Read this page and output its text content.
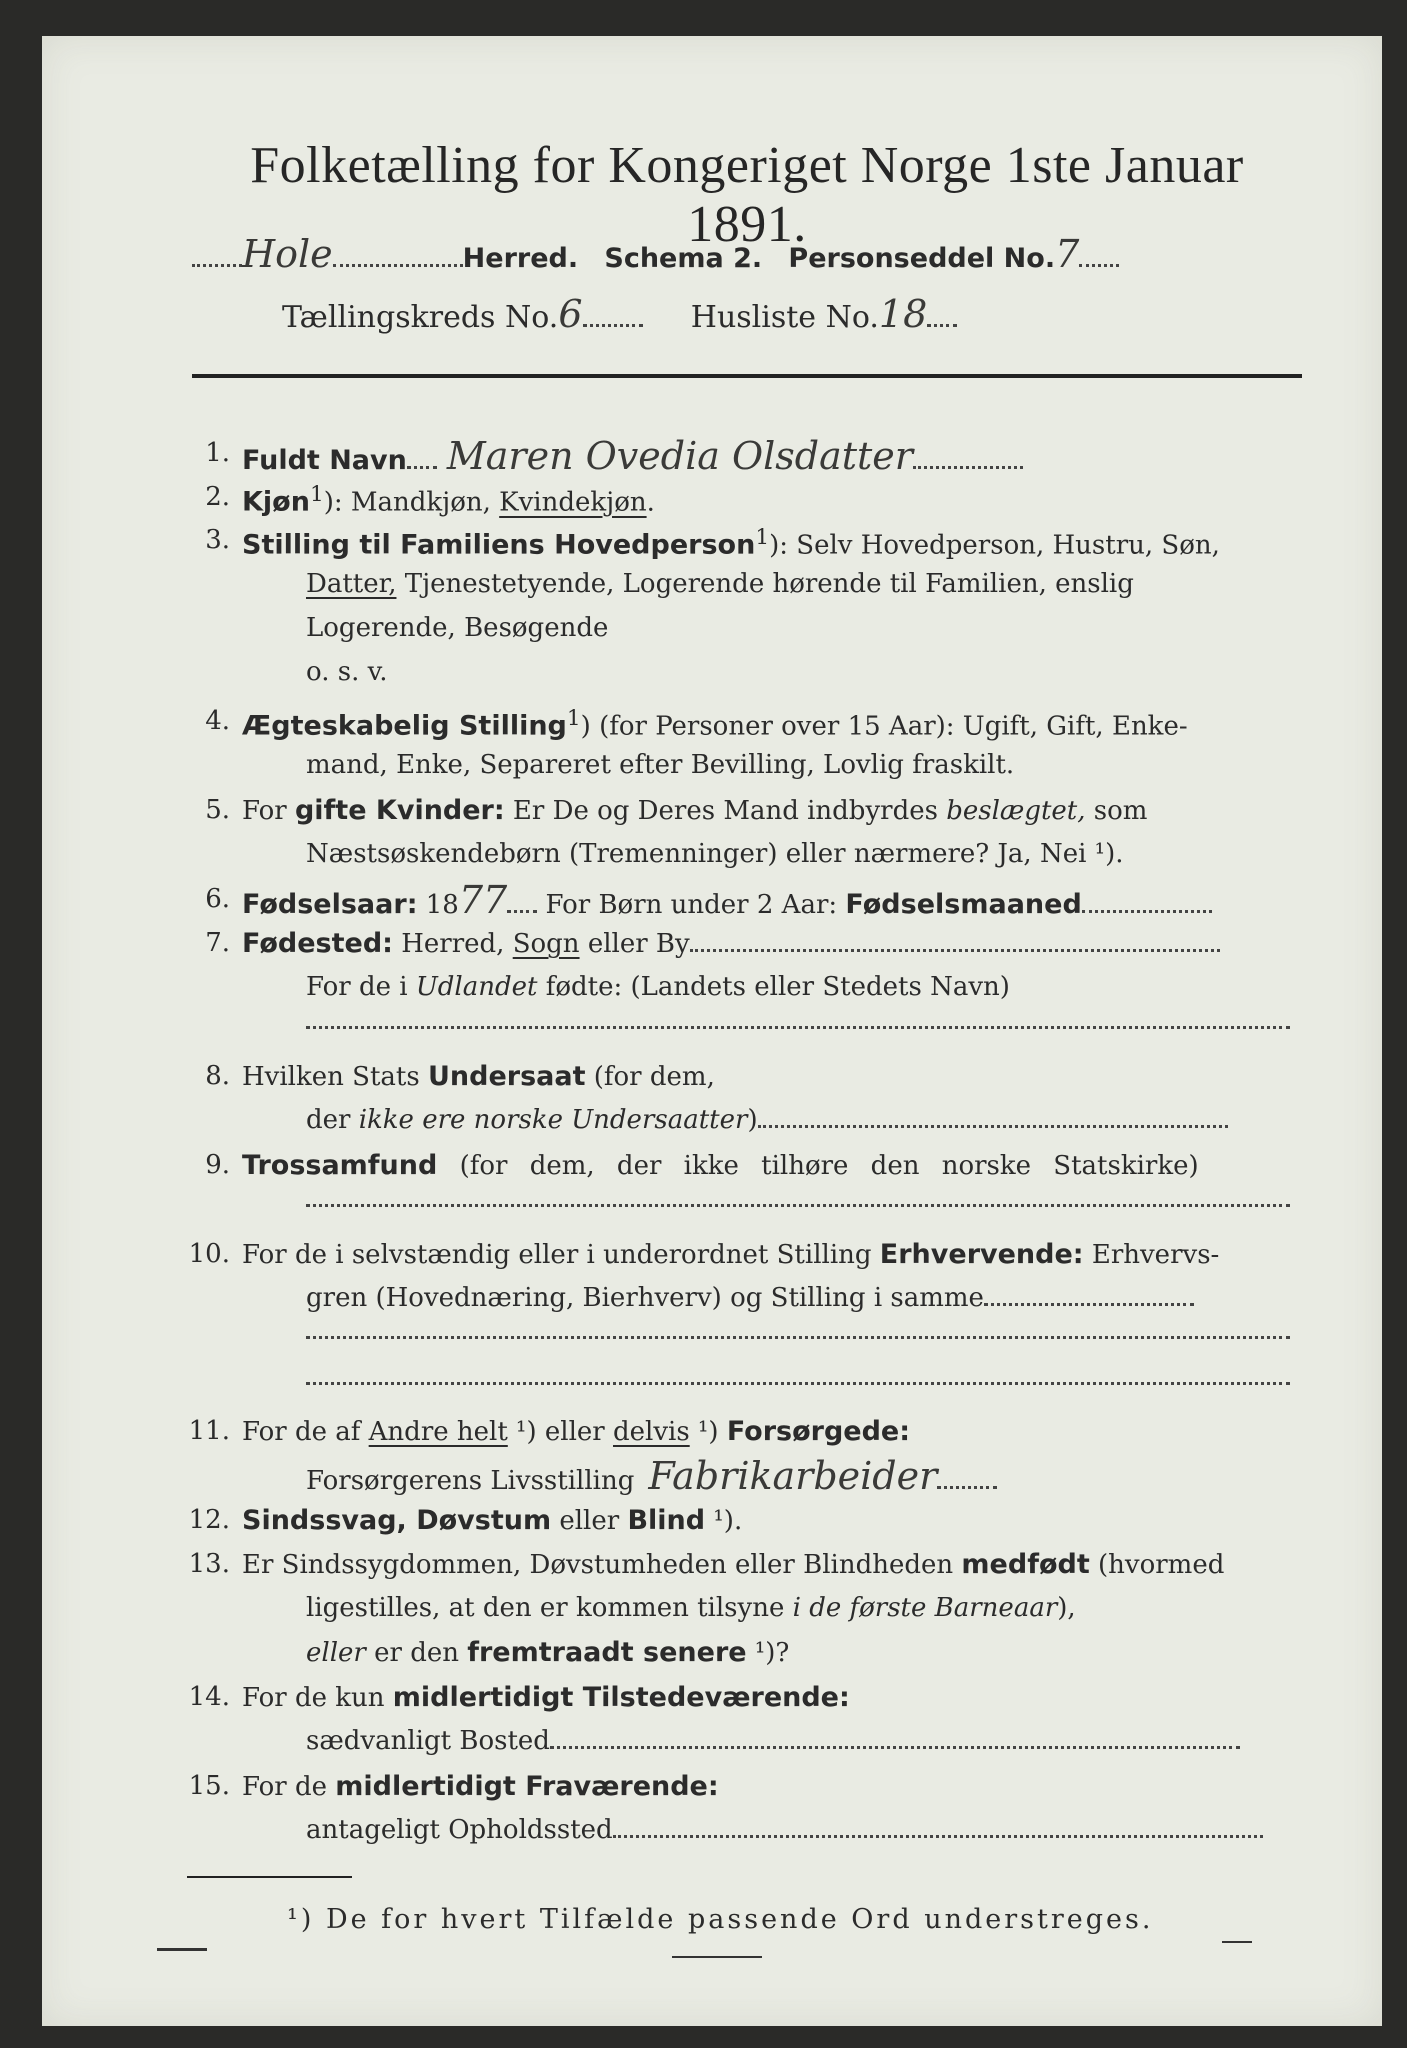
Folketælling for Kongeriget Norge 1ste Januar 1891.
Hole	Herred. Schema 2. Personseddel No.7
Tællingskreds No.6	Husliste No.18
1. Fuldt Navn Maren Ovedia Olsdatter
2. Kjøn$^1$): Mandkjøn, Kvindekjøn.
3. Stilling til Familiens Hovedperson$^1$): Selv Hovedperson, Hustru, Søn,
Datter, Tjenestetyende, Logerende hørende til Familien, enslig
Logerende, Besøgende
o. s. v.
4. Ægteskabelig Stilling$^1$) (for Personer over 15 Aar): Ugift, Gift, Enke-
mand, Enke, Separeret efter Bevilling, Lovlig fraskilt.
5. For gifte Kvinder: Er De og Deres Mand indbyrdes beslægtet, som
Næstsøskendebørn (Tremenninger) eller nærmere? Ja, Nei ¹).
6. Fødselsaar: 1877 For Børn under 2 Aar: Fødselsmaaned
7. Fødested: Herred, Sogn eller By
For de i Udlandet fødte: (Landets eller Stedets Navn)
8. Hvilken Stats Undersaat (for dem,
der ikke ere norske Undersaatter)
9. Trossamfund (for dem, der ikke tilhøre den norske Statskirke)
10. For de i selvstændig eller i underordnet Stilling Erhvervende: Erhvervs-
gren (Hovednæring, Bierhverv) og Stilling i samme
11. For de af Andre helt ¹) eller delvis ¹) Forsørgede:
Forsørgerens Livsstilling Fabrikarbeider
12. Sindssvag, Døvstum eller Blind ¹).
13. Er Sindssygdommen, Døvstumheden eller Blindheden medfødt (hvormed
ligestilles, at den er kommen tilsyne i de første Barneaar),
eller er den fremtraadt senere ¹)?
14. For de kun midlertidigt Tilstedeværende:
sædvanligt Bosted
15. For de midlertidigt Fraværende:
antageligt Opholdssted
¹) De for hvert Tilfælde passende Ord understreges.
